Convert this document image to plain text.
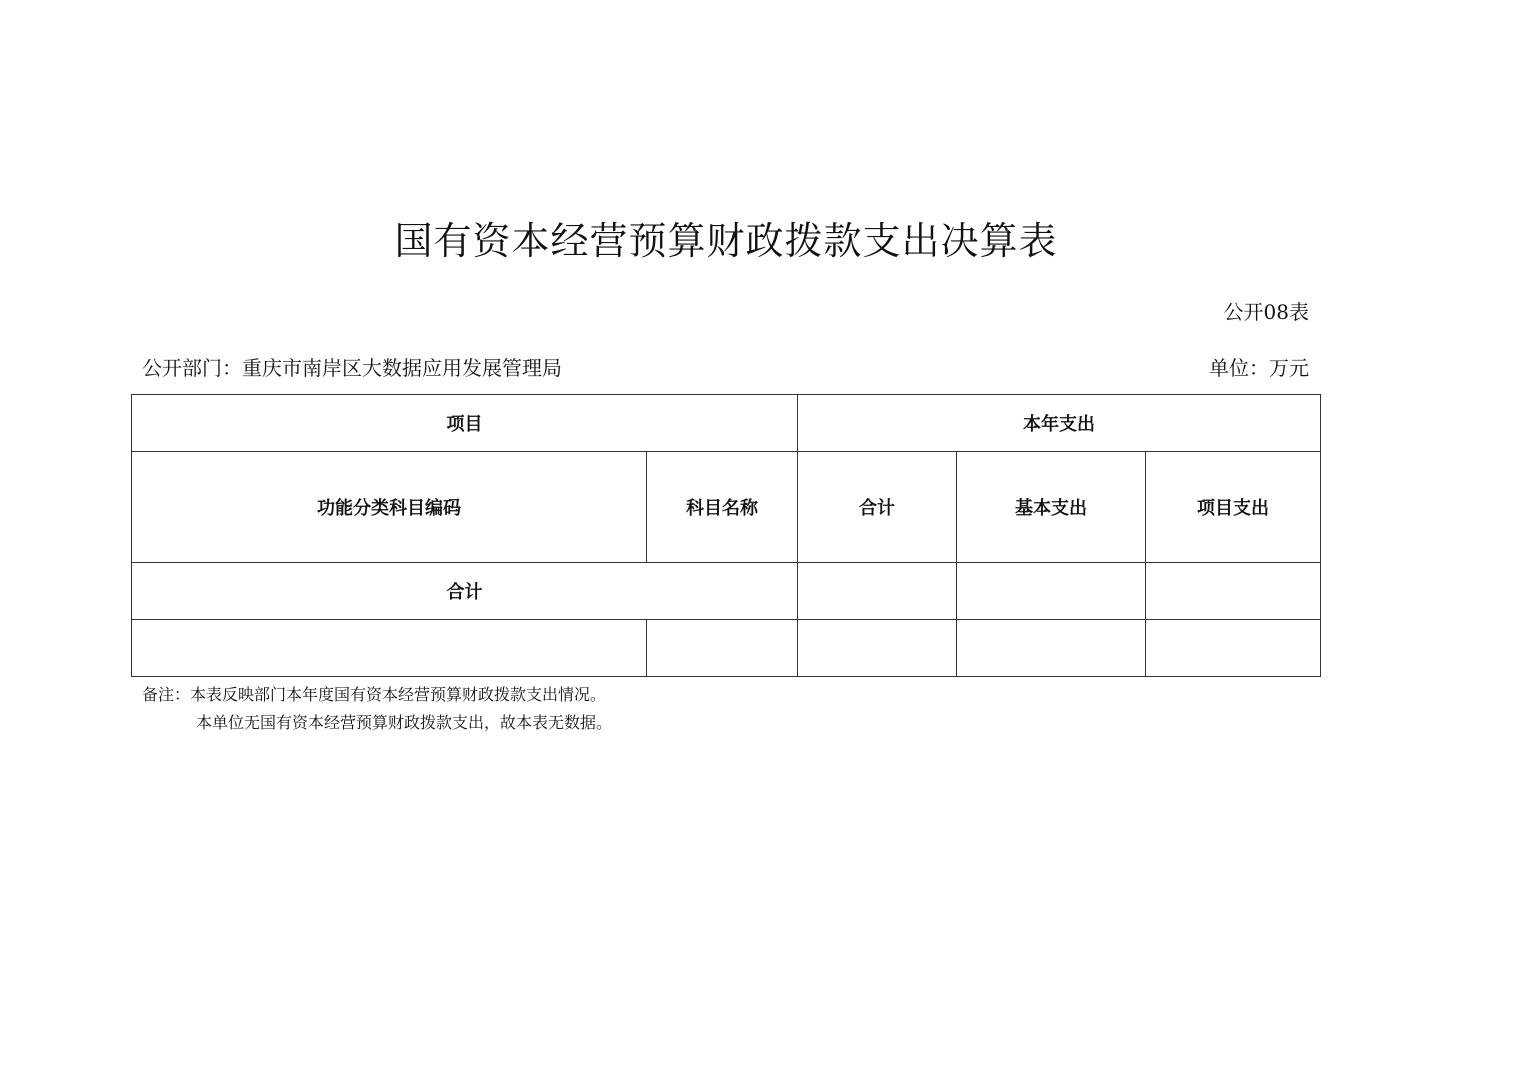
国有资本经营预算财政拨款支出决算表
公开08表
公开部门：重庆市南岸区大数据应用发展管理局	单位：万元
项目		本年支出		
功能分类科目编码	科目名称	合计	基本支出	项目支出
合计				

备注：本表反映部门本年度国有资本经营预算财政拨款支出情况。
本单位无国有资本经营预算财政拨款支出，故本表无数据。
